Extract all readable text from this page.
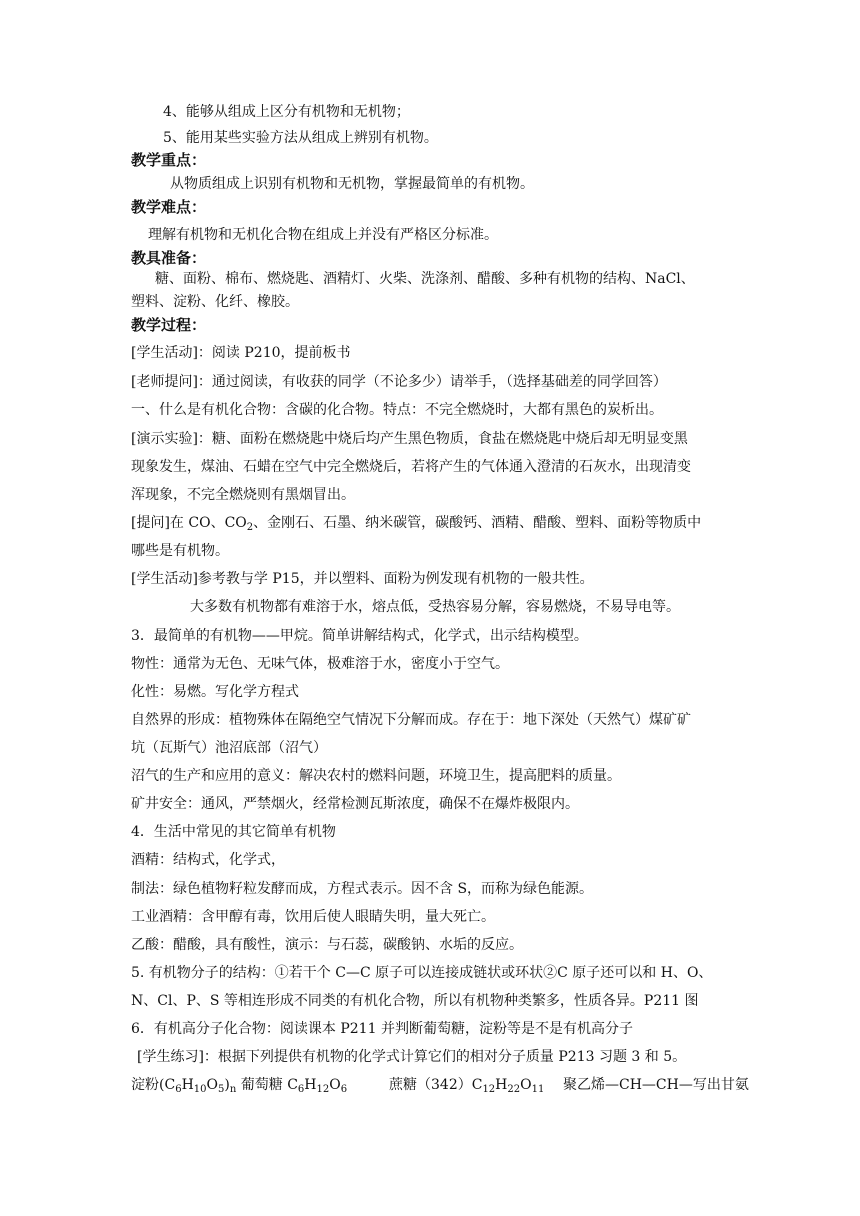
4、能够从组成上区分有机物和无机物；
5、能用某些实验方法从组成上辨别有机物。
教学重点：
从物质组成上识别有机物和无机物，掌握最简单的有机物。
教学难点：
理解有机物和无机化合物在组成上并没有严格区分标准。
教具准备：
糖、面粉、棉布、燃烧匙、酒精灯、火柴、洗涤剂、醋酸、多种有机物的结构、NaCl、
塑料、淀粉、化纤、橡胶。
教学过程：
[学生活动]：阅读 P210，提前板书
[老师提问]：通过阅读，有收获的同学（不论多少）请举手，（选择基础差的同学回答）
一、什么是有机化合物：含碳的化合物。特点：不完全燃烧时，大都有黑色的炭析出。
[演示实验]：糖、面粉在燃烧匙中烧后均产生黑色物质，食盐在燃烧匙中烧后却无明显变黑
现象发生，煤油、石蜡在空气中完全燃烧后，若将产生的气体通入澄清的石灰水，出现清变
浑现象，不完全燃烧则有黑烟冒出。
[提问]在 CO、$CO_2$、金刚石、石墨、纳米碳管，碳酸钙、酒精、醋酸、塑料、面粉等物质中
哪些是有机物。
[学生活动]参考教与学 P15，并以塑料、面粉为例发现有机物的一般共性。
大多数有机物都有难溶于水，熔点低，受热容易分解，容易燃烧，不易导电等。
3．最简单的有机物——甲烷。简单讲解结构式，化学式，出示结构模型。
物性：通常为无色、无味气体，极难溶于水，密度小于空气。
化性：易燃。写化学方程式
自然界的形成：植物殊体在隔绝空气情况下分解而成。存在于：地下深处（天然气）煤矿矿
坑（瓦斯气）池沼底部（沼气）
沼气的生产和应用的意义：解决农村的燃料问题，环境卫生，提高肥料的质量。
矿井安全：通风，严禁烟火，经常检测瓦斯浓度，确保不在爆炸极限内。
4．生活中常见的其它简单有机物
酒精：结构式，化学式，
制法：绿色植物籽粒发酵而成，方程式表示。因不含 S，而称为绿色能源。
工业酒精：含甲醇有毒，饮用后使人眼睛失明，量大死亡。
乙酸：醋酸，具有酸性，演示：与石蕊，碳酸钠、水垢的反应。
5. 有机物分子的结构：①若干个 C—C 原子可以连接成链状或环状②C 原子还可以和 H、O、
N、Cl、P、S 等相连形成不同类的有机化合物，所以有机物种类繁多，性质各异。P211 图
6．有机高分子化合物：阅读课本 P211 并判断葡萄糖，淀粉等是不是有机高分子
[学生练习]：根据下列提供有机物的化学式计算它们的相对分子质量 P213 习题 3 和 5。
淀粉$(C_6H_{10}O_5)_n$ 葡萄糖 $C_6H_{12}O_6$	蔗糖$(342)C_{12}H_{22}O_{11}$ 聚乙烯—CH—CH—写出甘氨
